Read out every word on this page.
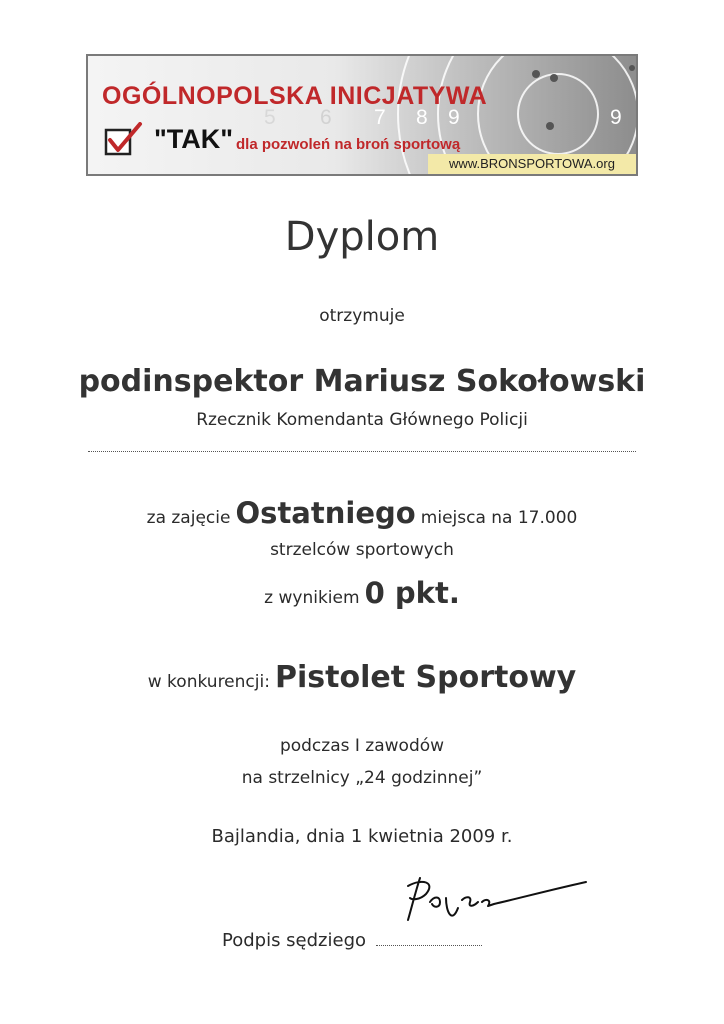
5 6 7 8 9	9
OGÓLNOPOLSKA INICJATYWA
"TAK" dla pozwoleń na broń sportową
www.BRONSPORTOWA.org
Dyplom
otrzymuje
podinspektor Mariusz Sokołowski
Rzecznik Komendanta Głównego Policji
za zajęcie Ostatniego miejsca na 17.000
strzelców sportowych
z wynikiem 0 pkt.
w konkurencji: Pistolet Sportowy
podczas I zawodów
na strzelnicy „24 godzinnej”
Bajlandia, dnia 1 kwietnia 2009 r.
Podpis sędziego
